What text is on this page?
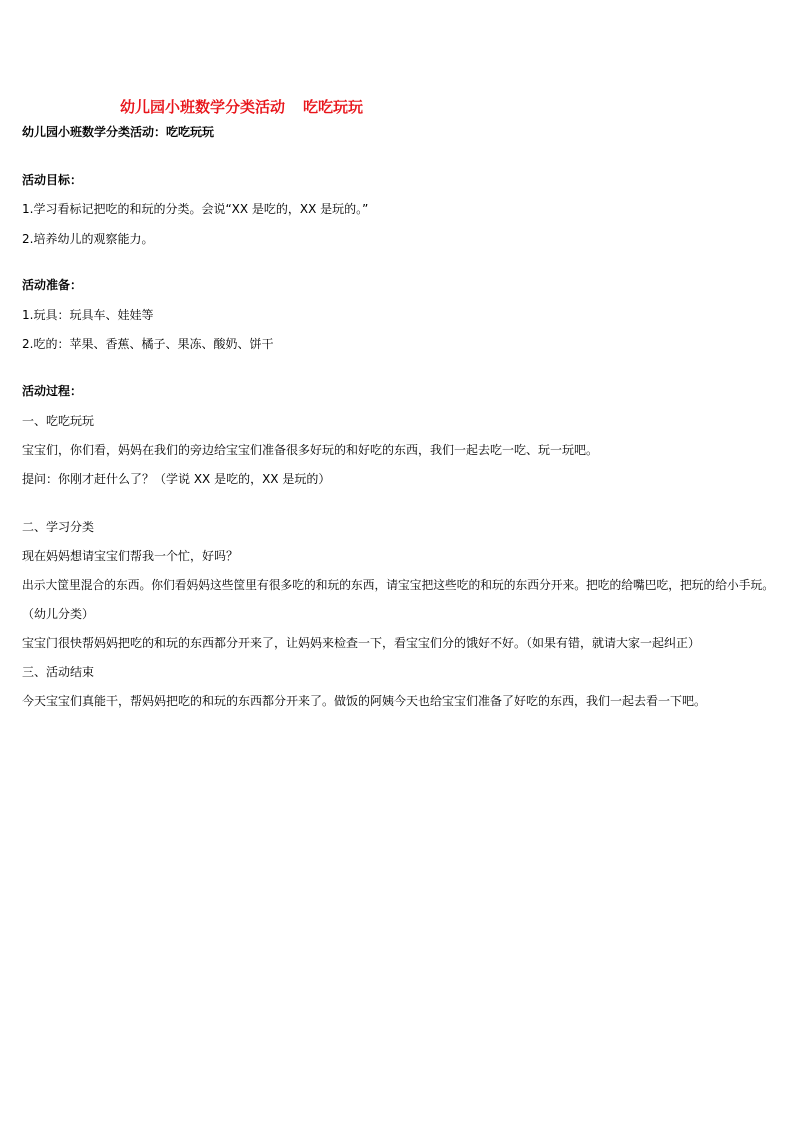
幼儿园小班数学分类活动 吃吃玩玩
幼儿园小班数学分类活动：吃吃玩玩
活动目标：
1.学习看标记把吃的和玩的分类。会说“XX 是吃的，XX 是玩的。”
2.培养幼儿的观察能力。
活动准备：
1.玩具：玩具车、娃娃等
2.吃的：苹果、香蕉、橘子、果冻、酸奶、饼干
活动过程：
一、吃吃玩玩
宝宝们，你们看，妈妈在我们的旁边给宝宝们准备很多好玩的和好吃的东西，我们一起去吃一吃、玩一玩吧。
提问：你刚才赶什么了？（学说 XX 是吃的，XX 是玩的）
二、学习分类
现在妈妈想请宝宝们帮我一个忙，好吗？
出示大筐里混合的东西。你们看妈妈这些筐里有很多吃的和玩的东西，请宝宝把这些吃的和玩的东西分开来。把吃的给嘴巴吃，把玩的给小手玩。
（幼儿分类）
宝宝门很快帮妈妈把吃的和玩的东西都分开来了，让妈妈来检查一下，看宝宝们分的饿好不好。（如果有错，就请大家一起纠正）
三、活动结束
今天宝宝们真能干，帮妈妈把吃的和玩的东西都分开来了。做饭的阿姨今天也给宝宝们准备了好吃的东西，我们一起去看一下吧。
